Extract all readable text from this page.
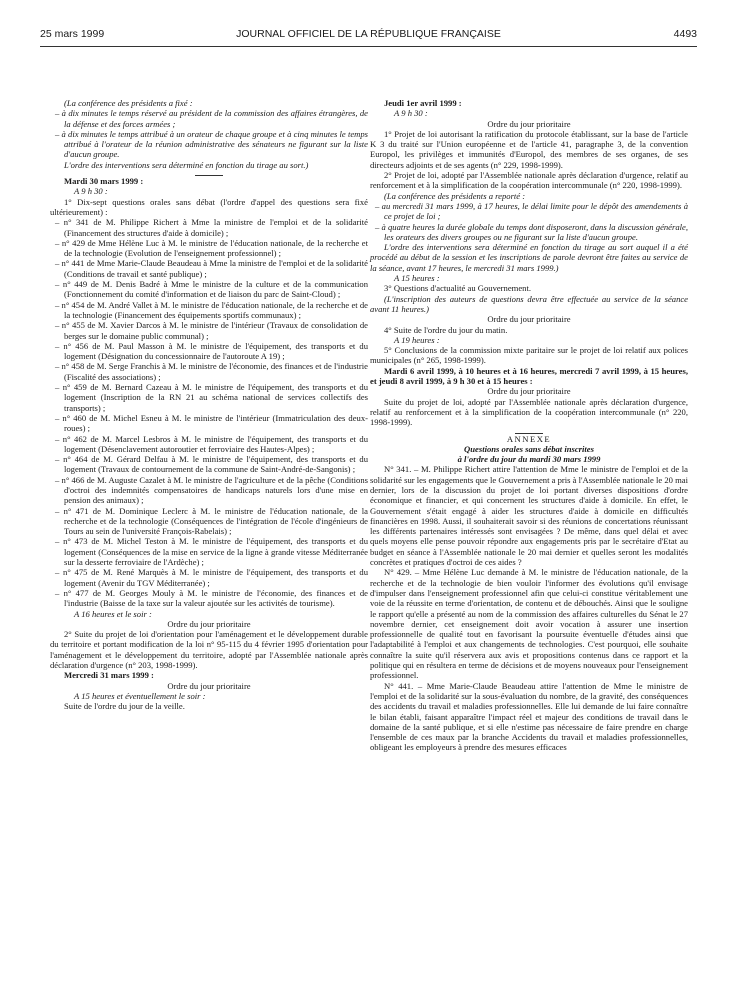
25 mars 1999	JOURNAL OFFICIEL DE LA RÉPUBLIQUE FRANÇAISE	4493

(La conférence des présidents a fixé :

– à dix minutes le temps réservé au président de la commission des affaires étrangères, de la défense et des forces armées ;

– à dix minutes le temps attribué à un orateur de chaque groupe et à cinq minutes le temps attribué à l'orateur de la réunion administrative des sénateurs ne figurant sur la liste d'aucun groupe.

L'ordre des interventions sera déterminé en fonction du tirage au sort.)

Mardi 30 mars 1999 :

A 9 h 30 :

1° Dix-sept questions orales sans débat (l'ordre d'appel des questions sera fixé ultérieurement) :

– n° 341 de M. Philippe Richert à Mme la ministre de l'emploi et de la solidarité (Financement des structures d'aide à domicile) ;

– n° 429 de Mme Hélène Luc à M. le ministre de l'éducation nationale, de la recherche et de la technologie (Evolution de l'enseignement professionnel) ;

– n° 441 de Mme Marie-Claude Beaudeau à Mme la ministre de l'emploi et de la solidarité (Conditions de travail et santé publique) ;

– n° 449 de M. Denis Badré à Mme le ministre de la culture et de la communication (Fonctionnement du comité d'information et de liaison du parc de Saint-Cloud) ;

– n° 454 de M. André Vallet à M. le ministre de l'éducation nationale, de la recherche et de la technologie (Financement des équipements sportifs communaux) ;

– n° 455 de M. Xavier Darcos à M. le ministre de l'intérieur (Travaux de consolidation de berges sur le domaine public communal) ;

– n° 456 de M. Paul Masson à M. le ministre de l'équipement, des transports et du logement (Désignation du concessionnaire de l'autoroute A 19) ;

– n° 458 de M. Serge Franchis à M. le ministre de l'économie, des finances et de l'industrie (Fiscalité des associations) ;

– n° 459 de M. Bernard Cazeau à M. le ministre de l'équipement, des transports et du logement (Inscription de la RN 21 au schéma national de services collectifs des transports) ;

– n° 460 de M. Michel Esneu à M. le ministre de l'intérieur (Immatriculation des deux-roues) ;

– n° 462 de M. Marcel Lesbros à M. le ministre de l'équipement, des transports et du logement (Désenclavement autoroutier et ferroviaire des Hautes-Alpes) ;

– n° 464 de M. Gérard Delfau à M. le ministre de l'équipement, des transports et du logement (Travaux de contournement de la commune de Saint-André-de-Sangonis) ;

– n° 466 de M. Auguste Cazalet à M. le ministre de l'agriculture et de la pêche (Conditions d'octroi des indemnités compensatoires de handicaps naturels lors d'une mise en pension des animaux) ;

– n° 471 de M. Dominique Leclerc à M. le ministre de l'éducation nationale, de la recherche et de la technologie (Conséquences de l'intégration de l'école d'ingénieurs de Tours au sein de l'université François-Rabelais) ;

– n° 473 de M. Michel Teston à M. le ministre de l'équipement, des transports et du logement (Conséquences de la mise en service de la ligne à grande vitesse Méditerranée sur la desserte ferroviaire de l'Ardèche) ;

– n° 475 de M. René Marquès à M. le ministre de l'équipement, des transports et du logement (Avenir du TGV Méditerranée) ;

– n° 477 de M. Georges Mouly à M. le ministre de l'économie, des finances et de l'industrie (Baisse de la taxe sur la valeur ajoutée sur les activités de tourisme).

A 16 heures et le soir :

Ordre du jour prioritaire

2° Suite du projet de loi d'orientation pour l'aménagement et le développement durable du territoire et portant modification de la loi n° 95-115 du 4 février 1995 d'orientation pour l'aménagement et le développement du territoire, adopté par l'Assemblée nationale après déclaration d'urgence (n° 203, 1998-1999).

Mercredi 31 mars 1999 :

Ordre du jour prioritaire

A 15 heures et éventuellement le soir :

Suite de l'ordre du jour de la veille.

Jeudi 1er avril 1999 :

A 9 h 30 :

Ordre du jour prioritaire

1° Projet de loi autorisant la ratification du protocole établissant, sur la base de l'article K 3 du traité sur l'Union européenne et de l'article 41, paragraphe 3, de la convention Europol, les privilèges et immunités d'Europol, des membres de ses organes, de ses directeurs adjoints et de ses agents (n° 229, 1998-1999).

2° Projet de loi, adopté par l'Assemblée nationale après déclaration d'urgence, relatif au renforcement et à la simplification de la coopération intercommunale (n° 220, 1998-1999).

(La conférence des présidents a reporté :

– au mercredi 31 mars 1999, à 17 heures, le délai limite pour le dépôt des amendements à ce projet de loi ;

– à quatre heures la durée globale du temps dont disposeront, dans la discussion générale, les orateurs des divers groupes ou ne figurant sur la liste d'aucun groupe.

L'ordre des interventions sera déterminé en fonction du tirage au sort auquel il a été procédé au début de la session et les inscriptions de parole devront être faites au service de la séance, avant 17 heures, le mercredi 31 mars 1999.)

A 15 heures :

3° Questions d'actualité au Gouvernement.

(L'inscription des auteurs de questions devra être effectuée au service de la séance avant 11 heures.)

Ordre du jour prioritaire

4° Suite de l'ordre du jour du matin.

A 19 heures :

5° Conclusions de la commission mixte paritaire sur le projet de loi relatif aux polices municipales (n° 265, 1998-1999).

Mardi 6 avril 1999, à 10 heures et à 16 heures, mercredi 7 avril 1999, à 15 heures, et jeudi 8 avril 1999, à 9 h 30 et à 15 heures :

Ordre du jour prioritaire

Suite du projet de loi, adopté par l'Assemblée nationale après déclaration d'urgence, relatif au renforcement et à la simplification de la coopération intercommunale (n° 220, 1998-1999).

ANNEXE

Questions orales sans débat inscrites

à l'ordre du jour du mardi 30 mars 1999

N° 341. – M. Philippe Richert attire l'attention de Mme le ministre de l'emploi et de la solidarité sur les engagements que le Gouvernement a pris à l'Assemblée nationale le 20 mai dernier, lors de la discussion du projet de loi portant diverses dispositions d'ordre économique et financier, et qui concernent les structures d'aide à domicile. En effet, le Gouvernement s'était engagé à aider les structures d'aide à domicile en difficultés financières en 1998. Aussi, il souhaiterait savoir si des réunions de concertations réunissant les différents partenaires intéressés sont envisagées ? De même, dans quel délai et avec quels moyens elle pense pouvoir répondre aux engagements pris par le secrétaire d'Etat au budget en séance à l'Assemblée nationale le 20 mai dernier et quelles seront les modalités concrètes et pratiques d'octroi de ces aides ?

N° 429. – Mme Hélène Luc demande à M. le ministre de l'éducation nationale, de la recherche et de la technologie de bien vouloir l'informer des évolutions qu'il envisage d'impulser dans l'enseignement professionnel afin que celui-ci constitue véritablement une voie de la réussite en terme d'orientation, de contenu et de débouchés. Ainsi que le souligne le rapport qu'elle a présenté au nom de la commission des affaires culturelles du Sénat le 27 novembre dernier, cet enseignement doit avoir vocation à assurer une insertion professionnelle de qualité tout en favorisant la poursuite éventuelle d'études ainsi que l'adaptabilité à l'emploi et aux changements de technologies. C'est pourquoi, elle souhaite connaître la suite qu'il réservera aux avis et propositions contenus dans ce rapport et la politique qui en résultera en terme de décisions et de moyens nouveaux pour l'enseignement professionnel.

N° 441. – Mme Marie-Claude Beaudeau attire l'attention de Mme le ministre de l'emploi et de la solidarité sur la sous-évaluation du nombre, de la gravité, des conséquences des accidents du travail et maladies professionnelles. Elle lui demande de lui faire connaître le bilan établi, faisant apparaître l'impact réel et majeur des conditions de travail dans le domaine de la santé publique, et si elle n'estime pas nécessaire de faire prendre en charge l'ensemble de ces maux par la branche Accidents du travail et maladies professionnelles, obligeant les employeurs à prendre des mesures efficaces
